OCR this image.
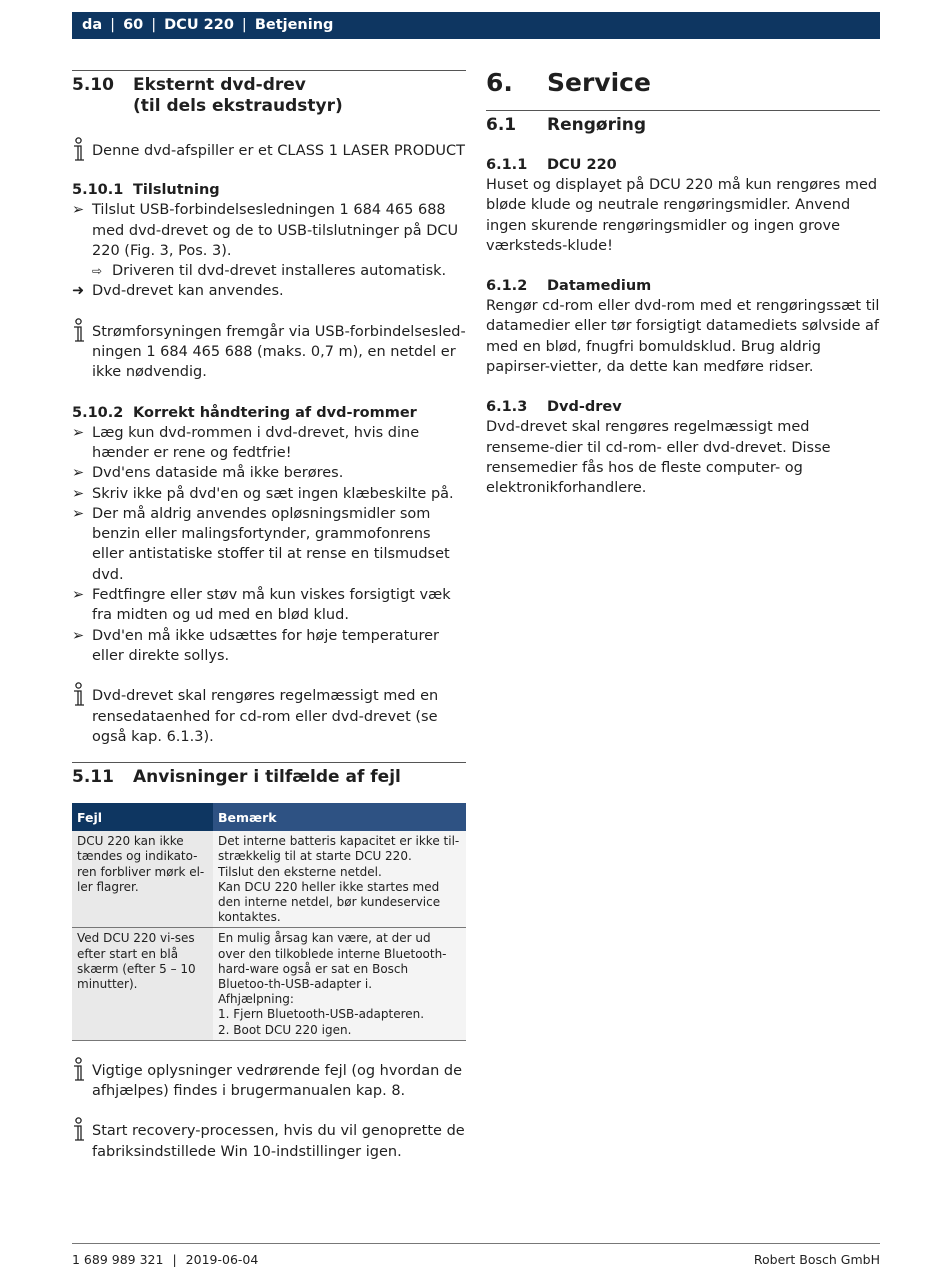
da | 60 | DCU 220 | Betjening
5.10	Eksternt dvd-drev
(til dels ekstraudstyr)
Denne dvd-afspiller er et CLASS 1 LASER PRODUCT
5.10.1 Tilslutning
➢ Tilslut USB-forbindelsesledningen 1 684 465 688 med dvd-drevet og de to USB-tilslutninger på DCU 220 (Fig. 3, Pos. 3).
⇨ Driveren til dvd-drevet installeres automatisk.
➜ Dvd-drevet kan anvendes.
Strømforsyningen fremgår via USB-forbindelsesled-ningen 1 684 465 688 (maks. 0,7 m), en netdel er ikke nødvendig.
5.10.2 Korrekt håndtering af dvd-rommer
➢ Læg kun dvd-rommen i dvd-drevet, hvis dine hænder er rene og fedtfrie!
➢ Dvd'ens dataside må ikke berøres.
➢ Skriv ikke på dvd'en og sæt ingen klæbeskilte på.
➢ Der må aldrig anvendes opløsningsmidler som benzin eller malingsfortynder, grammofonrens eller antistatiske stoffer til at rense en tilsmudset dvd.
➢ Fedtfingre eller støv må kun viskes forsigtigt væk fra midten og ud med en blød klud.
➢ Dvd'en må ikke udsættes for høje temperaturer eller direkte sollys.
Dvd-drevet skal rengøres regelmæssigt med en rensedataenhed for cd-rom eller dvd-drevet (se også kap. 6.1.3).
5.11	Anvisninger i tilfælde af fejl
Fejl	Bemærk
DCU 220 kan ikke tændes og indikato-ren forbliver mørk el-ler flagrer.	Det interne batteris kapacitet er ikke til-strækkelig til at starte DCU 220.
Tilslut den eksterne netdel.
Kan DCU 220 heller ikke startes med den interne netdel, bør kundeservice kontaktes.

Ved DCU 220 vi-ses efter start en blå skærm (efter 5 – 10 minutter).	En mulig årsag kan være, at der ud over den tilkoblede interne Bluetooth-hard-ware også er sat en Bosch Bluetoo-th-USB-adapter i.
Afhjælpning:
1. Fjern Bluetooth-USB-adapteren.
2. Boot DCU 220 igen.
Vigtige oplysninger vedrørende fejl (og hvordan de afhjælpes) findes i brugermanualen kap. 8.
Start recovery-processen, hvis du vil genoprette de fabriksindstillede Win 10-indstillinger igen.
6.	Service
6.1	Rengøring
6.1.1	DCU 220
Huset og displayet på DCU 220 må kun rengøres med bløde klude og neutrale rengøringsmidler. Anvend ingen skurende rengøringsmidler og ingen grove værksteds-klude!
6.1.2	Datamedium
Rengør cd-rom eller dvd-rom med et rengøringssæt til datamedier eller tør forsigtigt datamediets sølvside af med en blød, fnugfri bomuldsklud. Brug aldrig papirser-vietter, da dette kan medføre ridser.
6.1.3	Dvd-drev
Dvd-drevet skal rengøres regelmæssigt med renseme-dier til cd-rom- eller dvd-drevet. Disse rensemedier fås hos de fleste computer- og elektronikforhandlere.
1 689 989 321 | 2019-06-04	Robert Bosch GmbH
